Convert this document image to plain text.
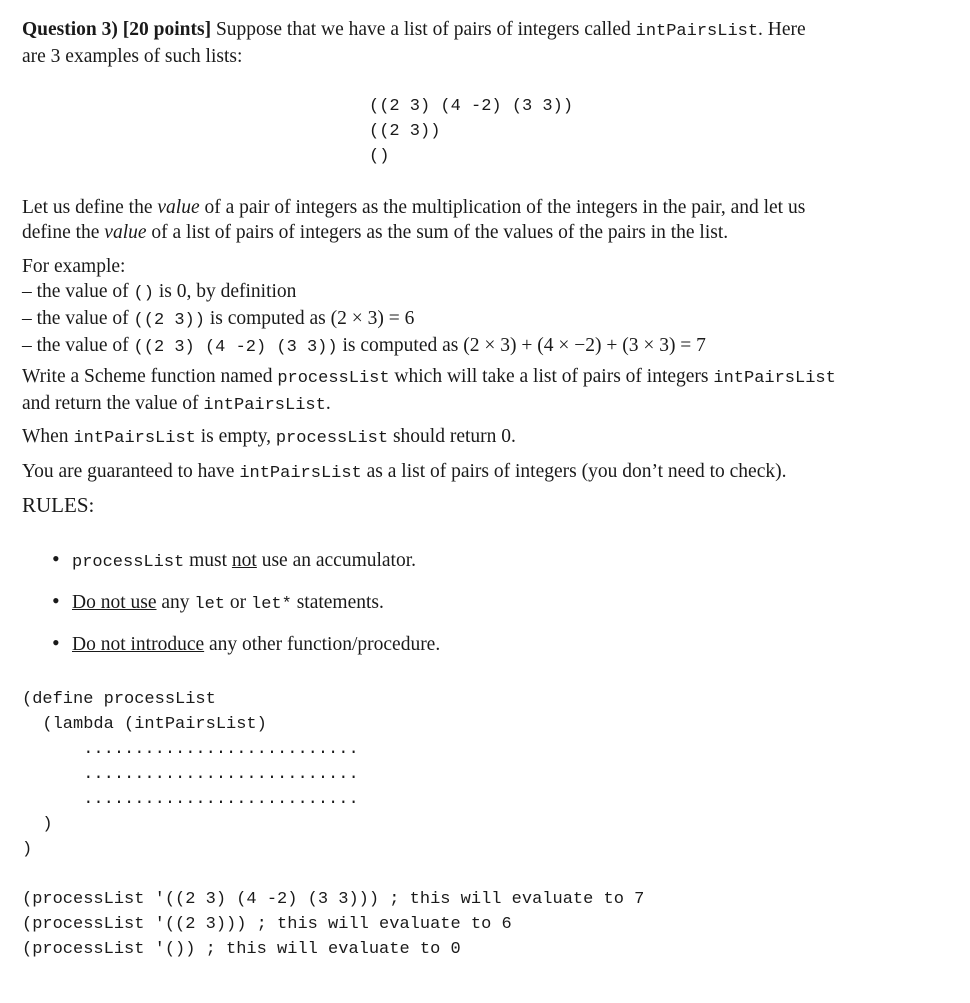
Question 3) [20 points] Suppose that we have a list of pairs of integers called intPairsList. Here
are 3 examples of such lists:

((2 3) (4 -2) (3 3))
((2 3))
()

Let us define the value of a pair of integers as the multiplication of the integers in the pair, and let us
define the value of a list of pairs of integers as the sum of the values of the pairs in the list.

For example:
– the value of () is 0, by definition
– the value of ((2 3)) is computed as (2 × 3) = 6
– the value of ((2 3) (4 -2) (3 3)) is computed as (2 × 3) + (4 × −2) + (3 × 3) = 7

Write a Scheme function named processList which will take a list of pairs of integers intPairsList
and return the value of intPairsList.

When intPairsList is empty, processList should return 0.

You are guaranteed to have intPairsList as a list of pairs of integers (you don’t need to check).

RULES:

• processList must not use an accumulator.
• Do not use any let or let* statements.
• Do not introduce any other function/procedure.
(define processList
(lambda (intPairsList)
...........................
...........................
...........................
)
)
(processList '((2 3) (4 -2) (3 3))) ; this will evaluate to 7
(processList '((2 3))) ; this will evaluate to 6
(processList '()) ; this will evaluate to 0
